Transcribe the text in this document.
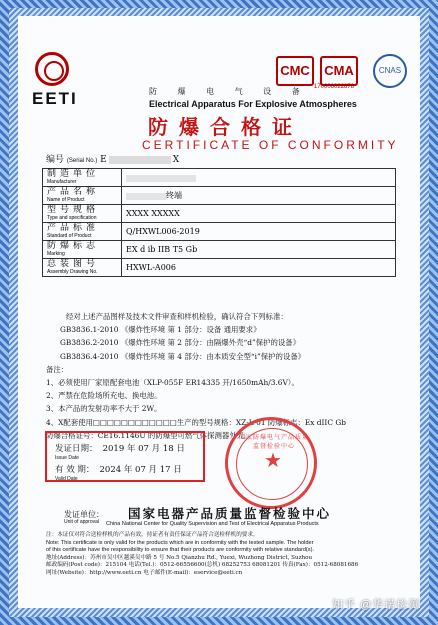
EETI
CMC	CMA	CNAS
170006022878
防 爆 电 气 设 备
Electrical Apparatus For Explosive Atmospheres
防爆合格证
CERTIFICATE OF CONFORMITY
编号 (Serial No.) E	X
制造单位
Manufacturer	

产品名称
Name of Product	终端
型号规格
Type and specification	XXXX XXXXX
产品标准
Standard of Product	Q/HXWL006-2019
防爆标志
Marking	EX d ib IIB T5 Gb
总装图号
Assembly Drawing No.	HXWL-A006
经对上述产品图样及技术文件审查和样机检验，确认符合下列标准：
GB3836.1-2010 《爆炸性环境 第 1 部分：设备 通用要求》
GB3836.2-2010 《爆炸性环境 第 2 部分：由隔爆外壳“d”保护的设备》
GB3836.4-2010 《爆炸性环境 第 4 部分：由本质安全型“i”保护的设备》
备注：
1、必须使用厂家原配套电池（XLP-055F ER14335 开/1650mAh/3.6V）。
2、严禁在危险场所充电、换电池。
3、本产品的发射功率不大于 2W。
4、X配套使用□□□□□□□□□□□□生产的型号规格：XZ-L-01 防爆标志：Ex dIIC Gb
防爆合格证号：CE16.1146U 的防爆型可燃气体探测器外壳。
发证日期： 2019 年 07 月 18 日
Issue Date
有 效 期： 2024 年 07 月 17 日
Valid Date
国家防爆电气产品质量监督检验中心
★
发证单位：
Unit of approval
国家电器产品质量监督检验中心
China National Center for Quality Supervision and Test of Electrical Apparatus Products
注：本证仅对符合送检样机的产品有效，持证者有责任保证产品符合送检样机的要求。
Note: This certificate is only valid for the products which are in conformity with the tested sample. The holder
of this certificate have the responsibility to ensure that their products are conformity with relative standard(s).
地址(Address)：苏州市吴中区越溪吴中路 5 号 No.5 Qianzhu Rd., Yuexi, Wuzhong District, Suzhou
邮政编码(Post code)：215104 电话(Tel.)：0512-66556600(总机) 68252753 68081201 传真(Fax)：0512-68081686
网址(Website)：http://www.eeti.cn 电子邮件(E-mail)：eservice@eeti.cn
知乎 @华诺检测
